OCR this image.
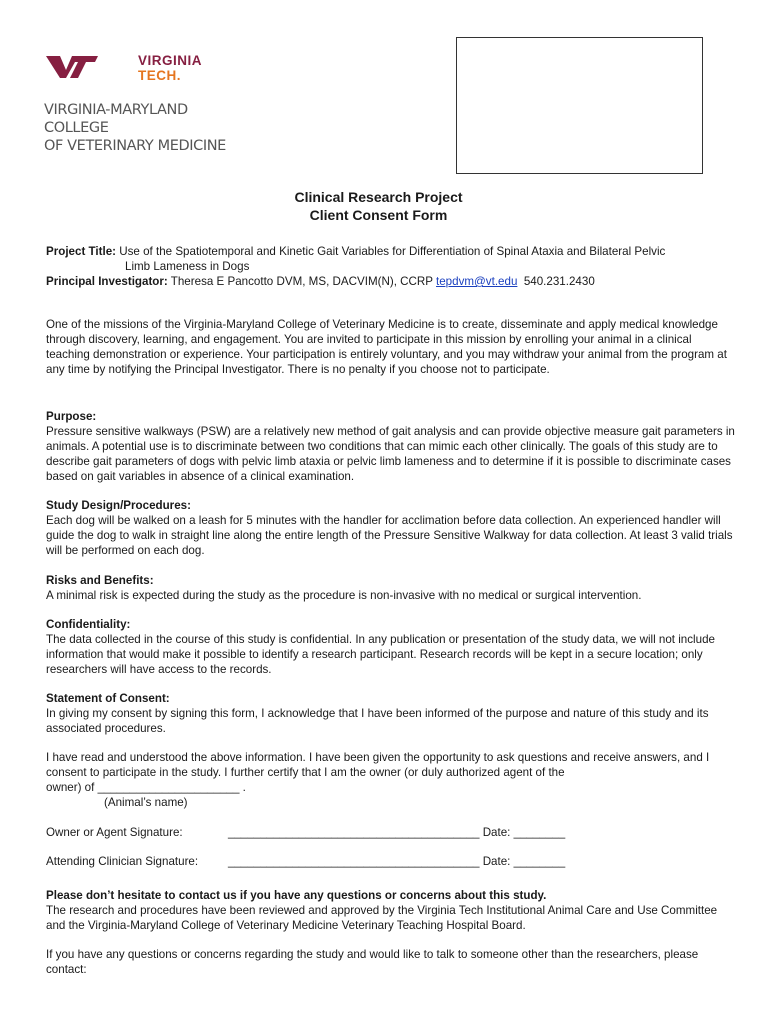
VIRGINIA
TECH.
VIRGINIA-MARYLAND COLLEGE
OF VETERINARY MEDICINE
Clinical Research Project
Client Consent Form
Project Title: Use of the Spatiotemporal and Kinetic Gait Variables for Differentiation of Spinal Ataxia and Bilateral Pelvic
Limb Lameness in Dogs
Principal Investigator: Theresa E Pancotto DVM, MS, DACVIM(N), CCRP tepdvm@vt.edu 540.231.2430
One of the missions of the Virginia-Maryland College of Veterinary Medicine is to create, disseminate and apply medical knowledge through discovery, learning, and engagement. You are invited to participate in this mission by enrolling your animal in a clinical teaching demonstration or experience. Your participation is entirely voluntary, and you may withdraw your animal from the program at any time by notifying the Principal Investigator. There is no penalty if you choose not to participate.
Purpose:
Pressure sensitive walkways (PSW) are a relatively new method of gait analysis and can provide objective measure gait parameters in animals. A potential use is to discriminate between two conditions that can mimic each other clinically. The goals of this study are to describe gait parameters of dogs with pelvic limb ataxia or pelvic limb lameness and to determine if it is possible to discriminate cases based on gait variables in absence of a clinical examination.
Study Design/Procedures:
Each dog will be walked on a leash for 5 minutes with the handler for acclimation before data collection. An experienced handler will guide the dog to walk in straight line along the entire length of the Pressure Sensitive Walkway for data collection. At least 3 valid trials will be performed on each dog.
Risks and Benefits:
A minimal risk is expected during the study as the procedure is non-invasive with no medical or surgical intervention.
Confidentiality:
The data collected in the course of this study is confidential. In any publication or presentation of the study data, we will not include information that would make it possible to identify a research participant. Research records will be kept in a secure location; only researchers will have access to the records.
Statement of Consent:
In giving my consent by signing this form, I acknowledge that I have been informed of the purpose and nature of this study and its associated procedures.
I have read and understood the above information. I have been given the opportunity to ask questions and receive answers, and I consent to participate in the study. I further certify that I am the owner (or duly authorized agent of the
owner) of ______________________ .
(Animal’s name)
Owner or Agent Signature:	_______________________________________ Date: ________
Attending Clinician Signature:	_______________________________________ Date: ________
Please don’t hesitate to contact us if you have any questions or concerns about this study.
The research and procedures have been reviewed and approved by the Virginia Tech Institutional Animal Care and Use Committee and the Virginia-Maryland College of Veterinary Medicine Veterinary Teaching Hospital Board.
If you have any questions or concerns regarding the study and would like to talk to someone other than the researchers, please contact:
